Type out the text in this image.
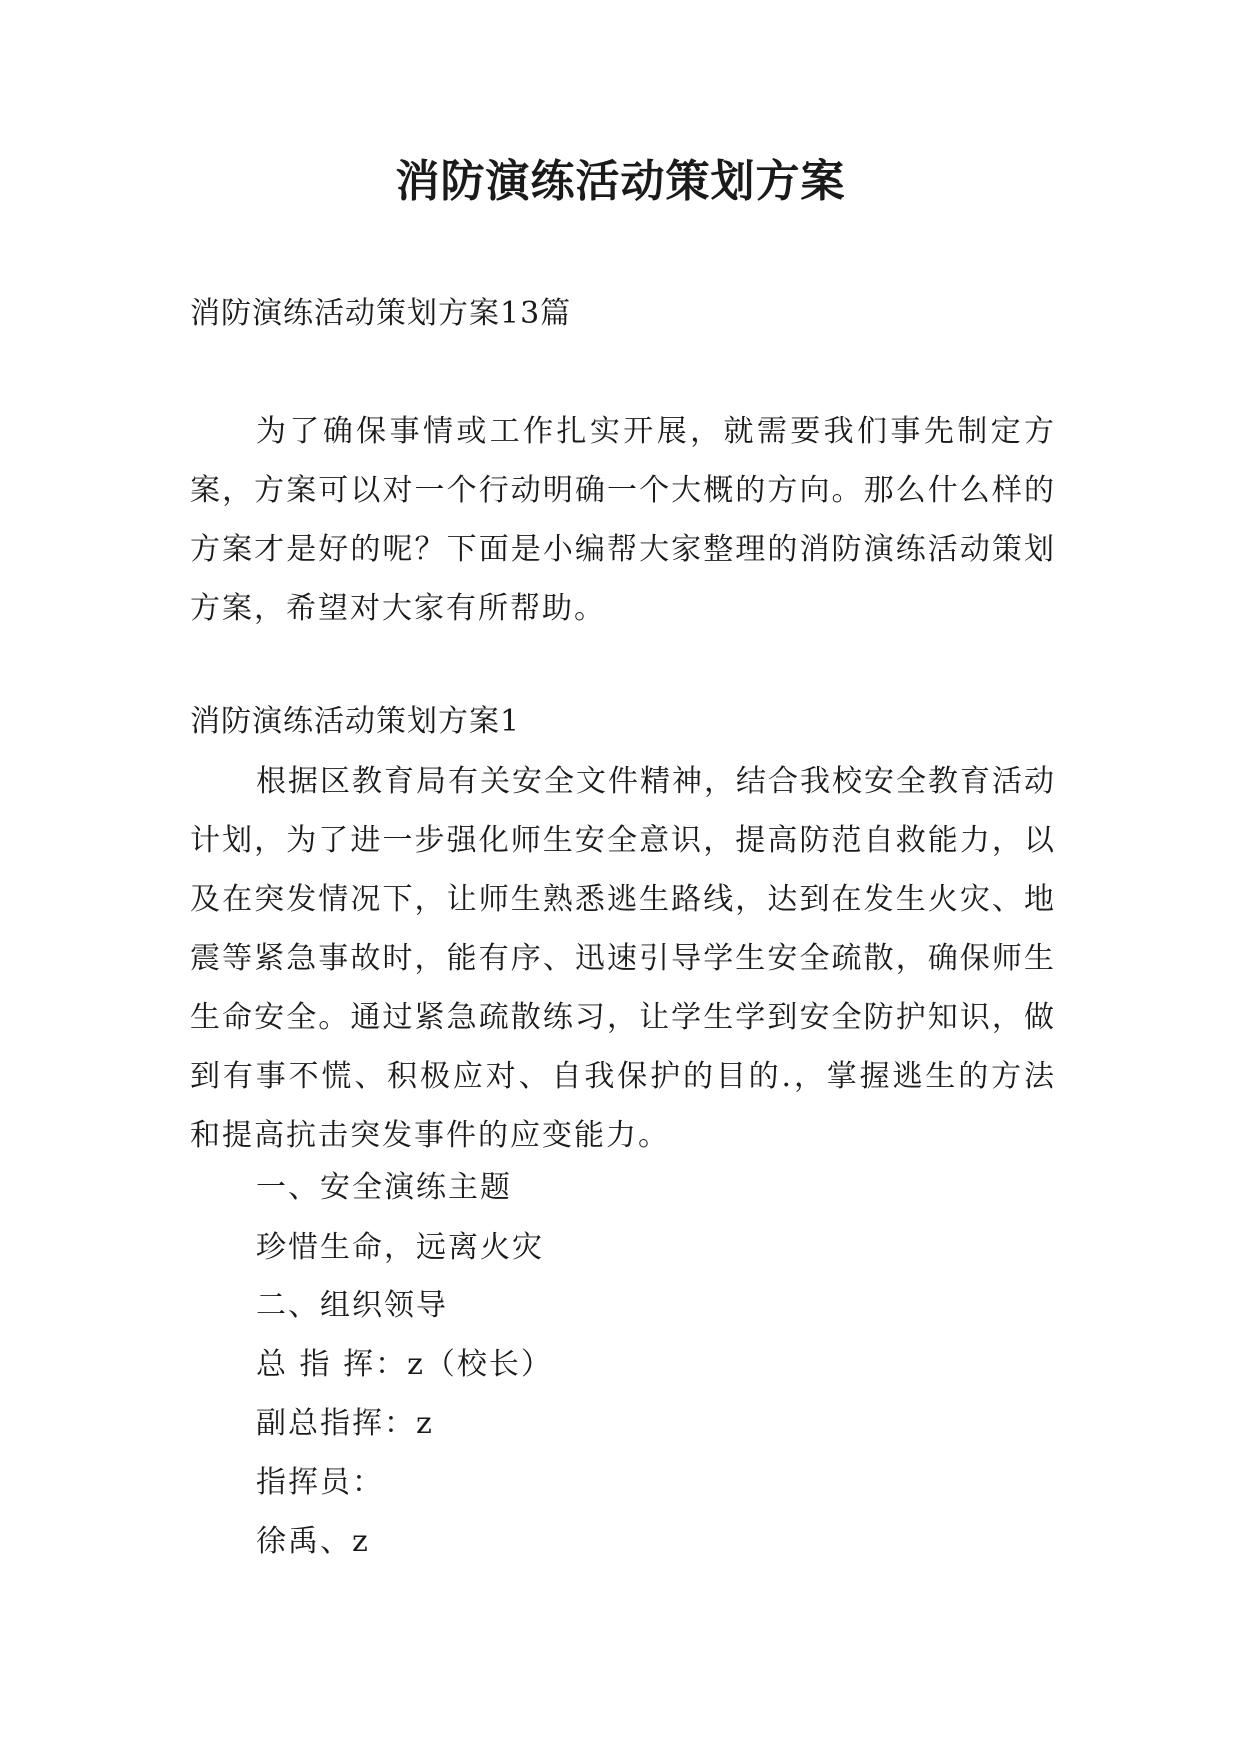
消防演练活动策划方案

消防演练活动策划方案13篇

为了确保事情或工作扎实开展，就需要我们事先制定方案，方案可以对一个行动明确一个大概的方向。那么什么样的方案才是好的呢？下面是小编帮大家整理的消防演练活动策划方案，希望对大家有所帮助。

消防演练活动策划方案1

根据区教育局有关安全文件精神，结合我校安全教育活动计划，为了进一步强化师生安全意识，提高防范自救能力，以及在突发情况下，让师生熟悉逃生路线，达到在发生火灾、地震等紧急事故时，能有序、迅速引导学生安全疏散，确保师生生命安全。通过紧急疏散练习，让学生学到安全防护知识，做到有事不慌、积极应对、自我保护的目的.，掌握逃生的方法和提高抗击突发事件的应变能力。

一、安全演练主题

珍惜生命，远离火灾

二、组织领导

总 指 挥：z（校长）

副总指挥：z

指挥员：

徐禹、z
